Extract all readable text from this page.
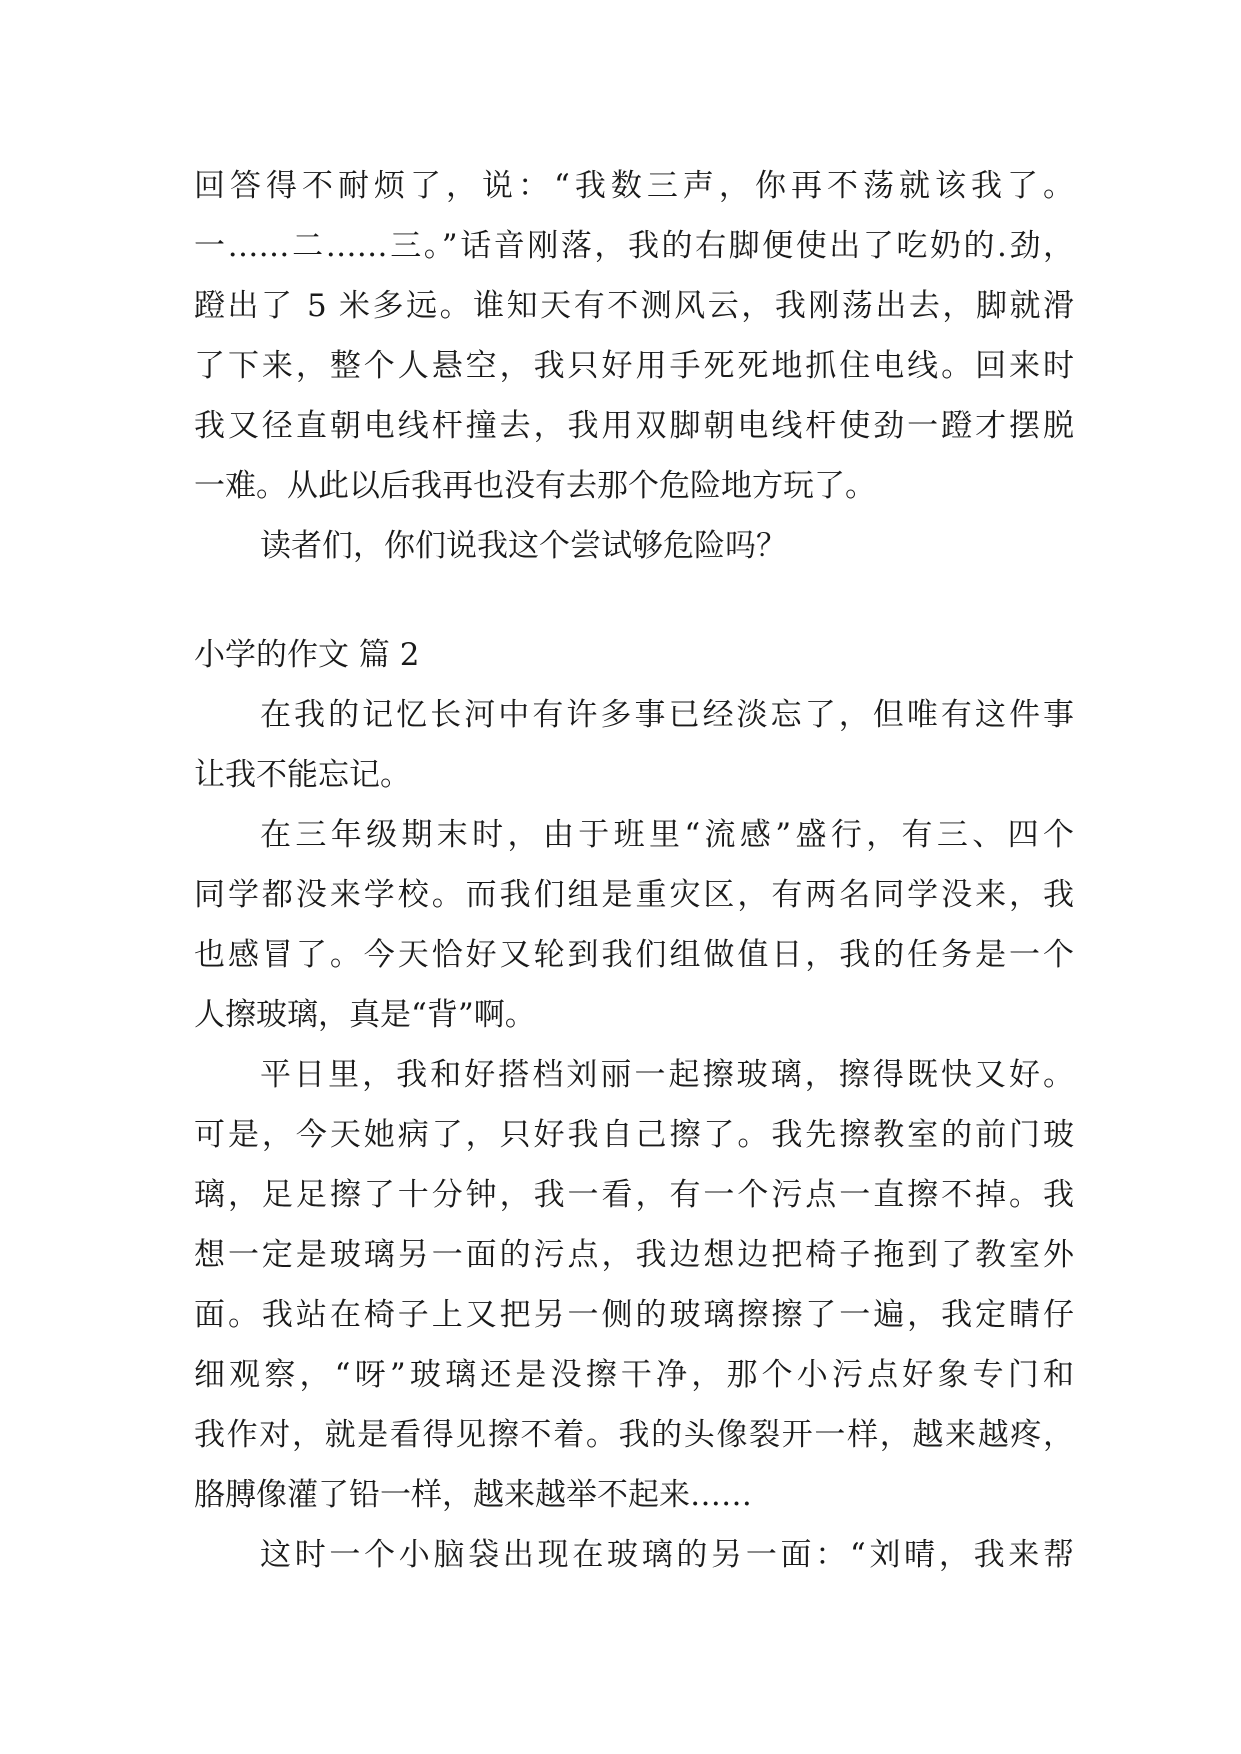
回答得不耐烦了，说：“我数三声，你再不荡就该我了。
一……二……三。”话音刚落，我的右脚便使出了吃奶的.劲，
蹬出了 5 米多远。谁知天有不测风云，我刚荡出去，脚就滑
了下来，整个人悬空，我只好用手死死地抓住电线。回来时
我又径直朝电线杆撞去，我用双脚朝电线杆使劲一蹬才摆脱
一难。从此以后我再也没有去那个危险地方玩了。
读者们，你们说我这个尝试够危险吗？
小学的作文 篇 2
在我的记忆长河中有许多事已经淡忘了，但唯有这件事
让我不能忘记。
在三年级期末时，由于班里“流感”盛行，有三、四个
同学都没来学校。而我们组是重灾区，有两名同学没来，我
也感冒了。今天恰好又轮到我们组做值日，我的任务是一个
人擦玻璃，真是“背”啊。
平日里，我和好搭档刘丽一起擦玻璃，擦得既快又好。
可是，今天她病了，只好我自己擦了。我先擦教室的前门玻
璃，足足擦了十分钟，我一看，有一个污点一直擦不掉。我
想一定是玻璃另一面的污点，我边想边把椅子拖到了教室外
面。我站在椅子上又把另一侧的玻璃擦擦了一遍，我定睛仔
细观察，“呀”玻璃还是没擦干净，那个小污点好象专门和
我作对，就是看得见擦不着。我的头像裂开一样，越来越疼，
胳膊像灌了铅一样，越来越举不起来……
这时一个小脑袋出现在玻璃的另一面：“刘晴，我来帮
